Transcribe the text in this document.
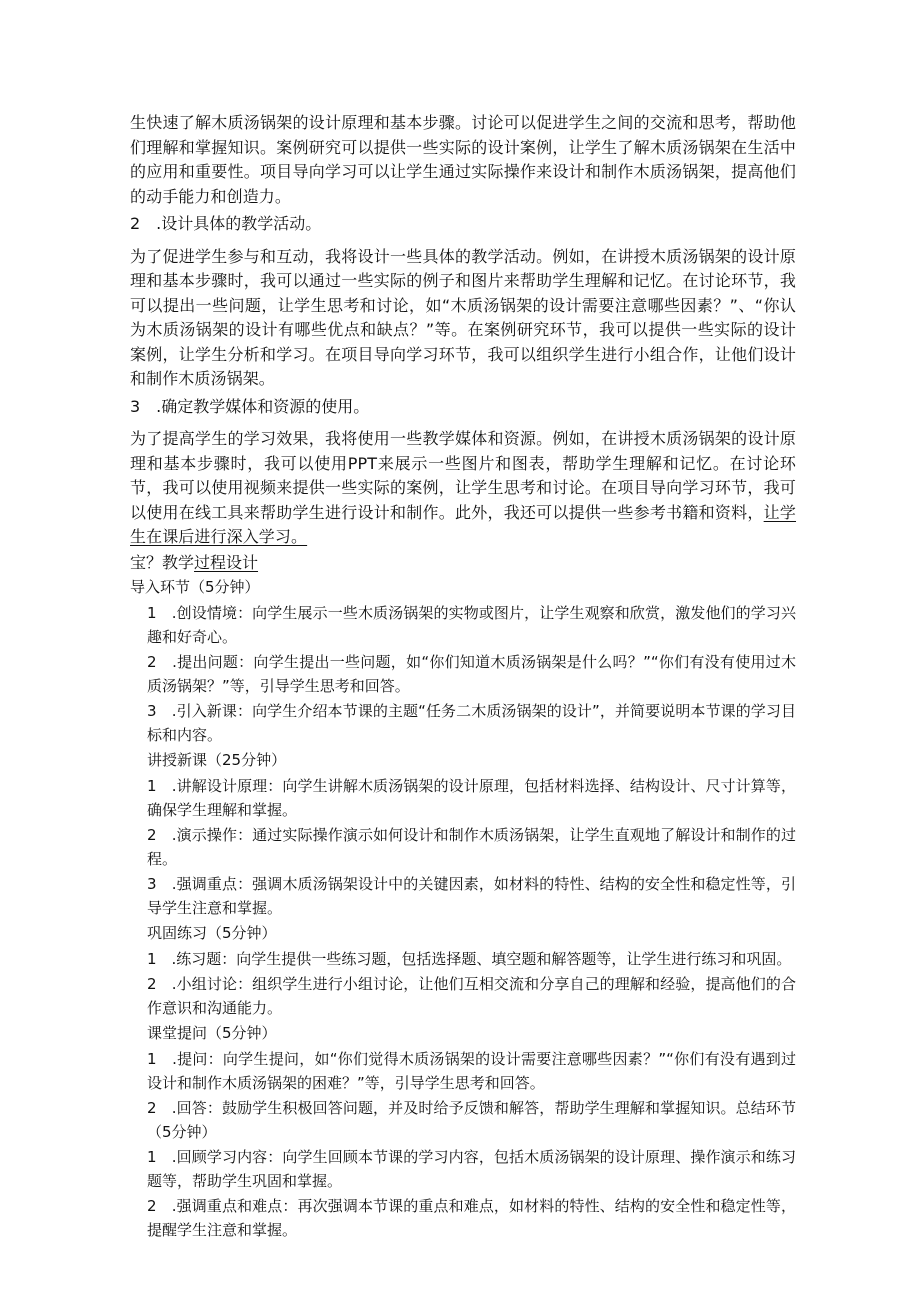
生快速了解木质汤锅架的设计原理和基本步骤。讨论可以促进学生之间的交流和思考，帮助他们理解和掌握知识。案例研究可以提供一些实际的设计案例，让学生了解木质汤锅架在生活中的应用和重要性。项目导向学习可以让学生通过实际操作来设计和制作木质汤锅架，提高他们的动手能力和创造力。

2　.设计具体的教学活动。

为了促进学生参与和互动，我将设计一些具体的教学活动。例如，在讲授木质汤锅架的设计原理和基本步骤时，我可以通过一些实际的例子和图片来帮助学生理解和记忆。在讨论环节，我可以提出一些问题，让学生思考和讨论，如“木质汤锅架的设计需要注意哪些因素？”、“你认为木质汤锅架的设计有哪些优点和缺点？”等。在案例研究环节，我可以提供一些实际的设计案例，让学生分析和学习。在项目导向学习环节，我可以组织学生进行小组合作，让他们设计和制作木质汤锅架。

3　.确定教学媒体和资源的使用。

为了提高学生的学习效果，我将使用一些教学媒体和资源。例如，在讲授木质汤锅架的设计原理和基本步骤时，我可以使用PPT来展示一些图片和图表，帮助学生理解和记忆。在讨论环节，我可以使用视频来提供一些实际的案例，让学生思考和讨论。在项目导向学习环节，我可以使用在线工具来帮助学生进行设计和制作。此外，我还可以提供一些参考书籍和资料，让学生在课后进行深入学习。

宝？教学过程设计

导入环节（5分钟）

1　.创设情境：向学生展示一些木质汤锅架的实物或图片，让学生观察和欣赏，激发他们的学习兴趣和好奇心。

2　.提出问题：向学生提出一些问题，如“你们知道木质汤锅架是什么吗？”“你们有没有使用过木质汤锅架？”等，引导学生思考和回答。

3　.引入新课：向学生介绍本节课的主题“任务二木质汤锅架的设计”，并简要说明本节课的学习目标和内容。

讲授新课（25分钟）

1　.讲解设计原理：向学生讲解木质汤锅架的设计原理，包括材料选择、结构设计、尺寸计算等，确保学生理解和掌握。

2　.演示操作：通过实际操作演示如何设计和制作木质汤锅架，让学生直观地了解设计和制作的过程。

3　.强调重点：强调木质汤锅架设计中的关键因素，如材料的特性、结构的安全性和稳定性等，引导学生注意和掌握。

巩固练习（5分钟）

1　.练习题：向学生提供一些练习题，包括选择题、填空题和解答题等，让学生进行练习和巩固。

2　.小组讨论：组织学生进行小组讨论，让他们互相交流和分享自己的理解和经验，提高他们的合作意识和沟通能力。

课堂提问（5分钟）

1　.提问：向学生提问，如“你们觉得木质汤锅架的设计需要注意哪些因素？”“你们有没有遇到过设计和制作木质汤锅架的困难？”等，引导学生思考和回答。

2　.回答：鼓励学生积极回答问题，并及时给予反馈和解答，帮助学生理解和掌握知识。总结环节（5分钟）

1　.回顾学习内容：向学生回顾本节课的学习内容，包括木质汤锅架的设计原理、操作演示和练习题等，帮助学生巩固和掌握。

2　.强调重点和难点：再次强调本节课的重点和难点，如材料的特性、结构的安全性和稳定性等，提醒学生注意和掌握。
